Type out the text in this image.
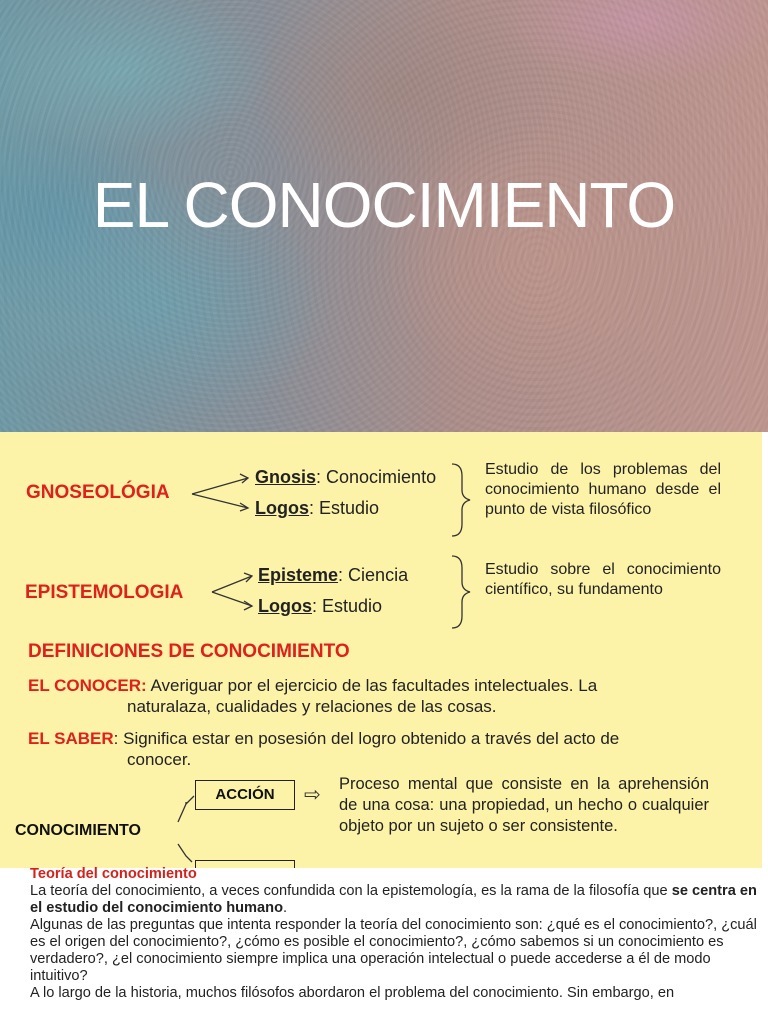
EL CONOCIMIENTO
GNOSEOLÓGIA
Gnosis: Conocimiento
Logos: Estudio
Estudio de los problemas del conocimiento humano desde el punto de vista filosófico
EPISTEMOLOGIA
Episteme: Ciencia
Logos: Estudio
Estudio sobre el conocimiento científico, su fundamento
DEFINICIONES DE CONOCIMIENTO
EL CONOCER: Averiguar por el ejercicio de las facultades intelectuales. La
naturalaza, cualidades y relaciones de las cosas.
EL SABER: Significa estar en posesión del logro obtenido a través del acto de
conocer.
CONOCIMIENTO
ACCIÓN	⇨ Proceso mental que consiste en la aprehensión de una cosa: una propiedad, un hecho o cualquier objeto por un sujeto o ser consistente.

Teoría del conocimiento

La teoría del conocimiento, a veces confundida con la epistemología, es la rama de la filosofía que se centra en el estudio del conocimiento humano.

Algunas de las preguntas que intenta responder la teoría del conocimiento son: ¿qué es el conocimiento?, ¿cuál es el origen del conocimiento?, ¿cómo es posible el conocimiento?, ¿cómo sabemos si un conocimiento es verdadero?, ¿el conocimiento siempre implica una operación intelectual o puede accederse a él de modo intuitivo?

A lo largo de la historia, muchos filósofos abordaron el problema del conocimiento. Sin embargo, en
